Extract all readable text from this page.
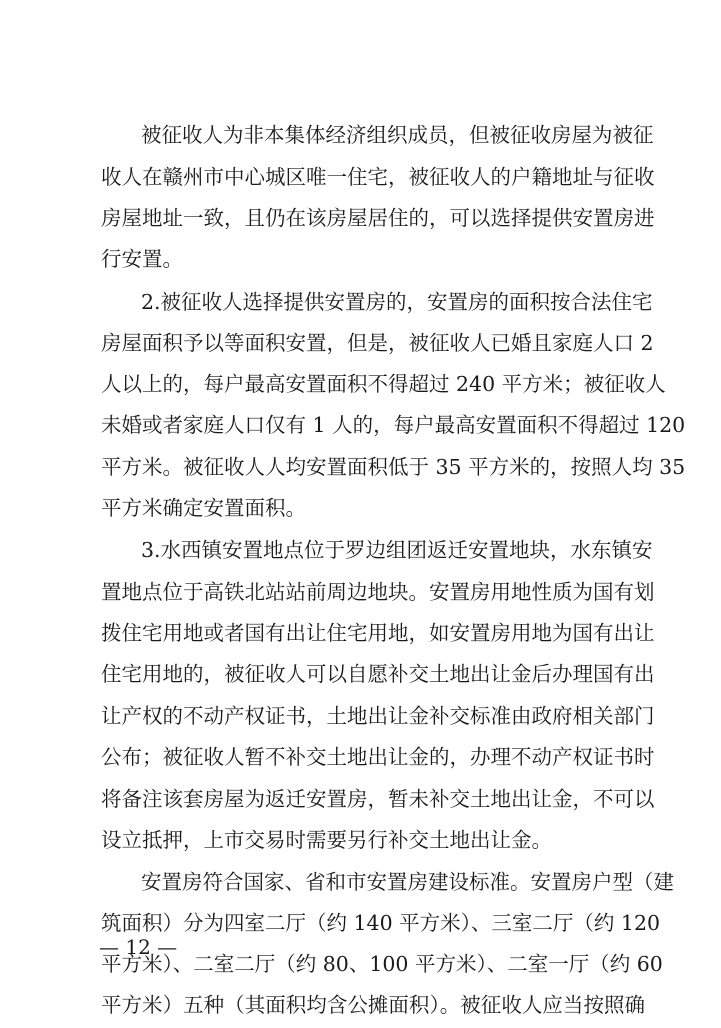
被征收人为非本集体经济组织成员，但被征收房屋为被征
收人在赣州市中心城区唯一住宅，被征收人的户籍地址与征收
房屋地址一致，且仍在该房屋居住的，可以选择提供安置房进
行安置。
2.被征收人选择提供安置房的，安置房的面积按合法住宅
房屋面积予以等面积安置，但是，被征收人已婚且家庭人口 2
人以上的，每户最高安置面积不得超过 240 平方米；被征收人
未婚或者家庭人口仅有 1 人的，每户最高安置面积不得超过 120
平方米。被征收人人均安置面积低于 35 平方米的，按照人均 35
平方米确定安置面积。
3.水西镇安置地点位于罗边组团返迁安置地块，水东镇安
置地点位于高铁北站站前周边地块。安置房用地性质为国有划
拨住宅用地或者国有出让住宅用地，如安置房用地为国有出让
住宅用地的，被征收人可以自愿补交土地出让金后办理国有出
让产权的不动产权证书，土地出让金补交标准由政府相关部门
公布；被征收人暂不补交土地出让金的，办理不动产权证书时
将备注该套房屋为返迁安置房，暂未补交土地出让金，不可以
设立抵押，上市交易时需要另行补交土地出让金。
安置房符合国家、省和市安置房建设标准。安置房户型（建
筑面积）分为四室二厅（约 140 平方米）、三室二厅（约 120
平方米）、二室二厅（约 80、100 平方米）、二室一厅（约 60
平方米）五种（其面积均含公摊面积）。被征收人应当按照确
— 12 —
